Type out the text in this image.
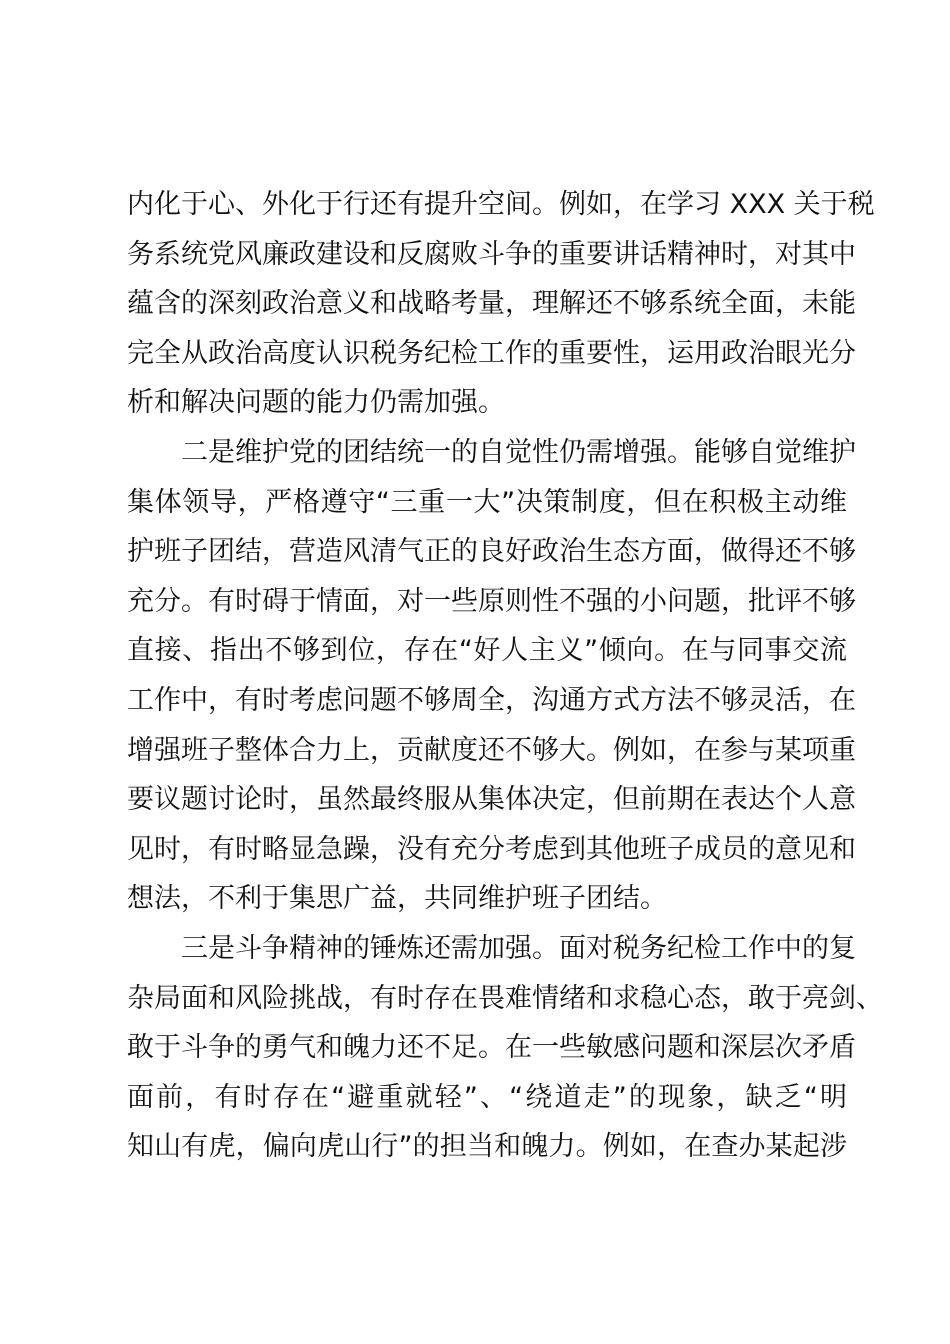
内化于心、外化于行还有提升空间。例如，在学习 XXX 关于税
务系统党风廉政建设和反腐败斗争的重要讲话精神时，对其中
蕴含的深刻政治意义和战略考量，理解还不够系统全面，未能
完全从政治高度认识税务纪检工作的重要性，运用政治眼光分
析和解决问题的能力仍需加强。
二是维护党的团结统一的自觉性仍需增强。能够自觉维护
集体领导，严格遵守“三重一大”决策制度，但在积极主动维
护班子团结，营造风清气正的良好政治生态方面，做得还不够
充分。有时碍于情面，对一些原则性不强的小问题，批评不够
直接、指出不够到位，存在“好人主义”倾向。在与同事交流
工作中，有时考虑问题不够周全，沟通方式方法不够灵活，在
增强班子整体合力上，贡献度还不够大。例如，在参与某项重
要议题讨论时，虽然最终服从集体决定，但前期在表达个人意
见时，有时略显急躁，没有充分考虑到其他班子成员的意见和
想法，不利于集思广益，共同维护班子团结。
三是斗争精神的锤炼还需加强。面对税务纪检工作中的复
杂局面和风险挑战，有时存在畏难情绪和求稳心态，敢于亮剑、
敢于斗争的勇气和魄力还不足。在一些敏感问题和深层次矛盾
面前，有时存在“避重就轻”、“绕道走”的现象，缺乏“明
知山有虎，偏向虎山行”的担当和魄力。例如，在查办某起涉
